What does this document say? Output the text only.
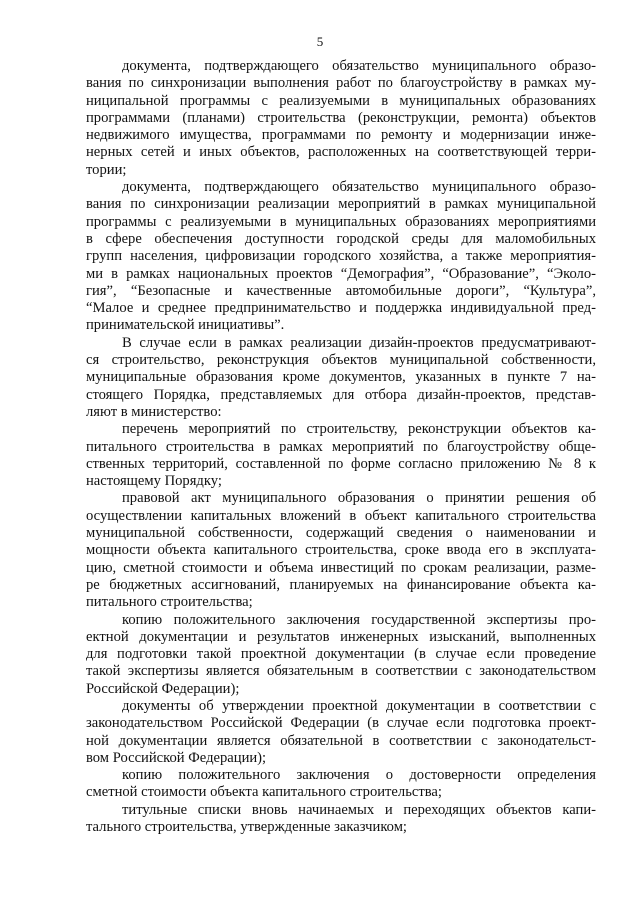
5
документа, подтверждающего обязательство муниципального образо-
вания по синхронизации выполнения работ по благоустройству в рамках му-
ниципальной программы с реализуемыми в муниципальных образованиях
программами (планами) строительства (реконструкции, ремонта) объектов
недвижимого имущества, программами по ремонту и модернизации инже-
нерных сетей и иных объектов, расположенных на соответствующей терри-
тории;
документа, подтверждающего обязательство муниципального образо-
вания по синхронизации реализации мероприятий в рамках муниципальной
программы с реализуемыми в муниципальных образованиях мероприятиями
в сфере обеспечения доступности городской среды для маломобильных
групп населения, цифровизации городского хозяйства, а также мероприятия-
ми в рамках национальных проектов “Демография”, “Образование”, “Эколо-
гия”, “Безопасные и качественные автомобильные дороги”, “Культура”,
“Малое и среднее предпринимательство и поддержка индивидуальной пред-
принимательской инициативы”.
В случае если в рамках реализации дизайн-проектов предусматривают-
ся строительство, реконструкция объектов муниципальной собственности,
муниципальные образования кроме документов, указанных в пункте 7 на-
стоящего Порядка, представляемых для отбора дизайн-проектов, представ-
ляют в министерство:
перечень мероприятий по строительству, реконструкции объектов ка-
питального строительства в рамках мероприятий по благоустройству обще-
ственных территорий, составленной по форме согласно приложению № 8 к
настоящему Порядку;
правовой акт муниципального образования о принятии решения об
осуществлении капитальных вложений в объект капитального строительства
муниципальной собственности, содержащий сведения о наименовании и
мощности объекта капитального строительства, сроке ввода его в эксплуата-
цию, сметной стоимости и объема инвестиций по срокам реализации, разме-
ре бюджетных ассигнований, планируемых на финансирование объекта ка-
питального строительства;
копию положительного заключения государственной экспертизы про-
ектной документации и результатов инженерных изысканий, выполненных
для подготовки такой проектной документации (в случае если проведение
такой экспертизы является обязательным в соответствии с законодательством
Российской Федерации);
документы об утверждении проектной документации в соответствии с
законодательством Российской Федерации (в случае если подготовка проект-
ной документации является обязательной в соответствии с законодательст-
вом Российской Федерации);
копию положительного заключения о достоверности определения
сметной стоимости объекта капитального строительства;
титульные списки вновь начинаемых и переходящих объектов капи-
тального строительства, утвержденные заказчиком;
